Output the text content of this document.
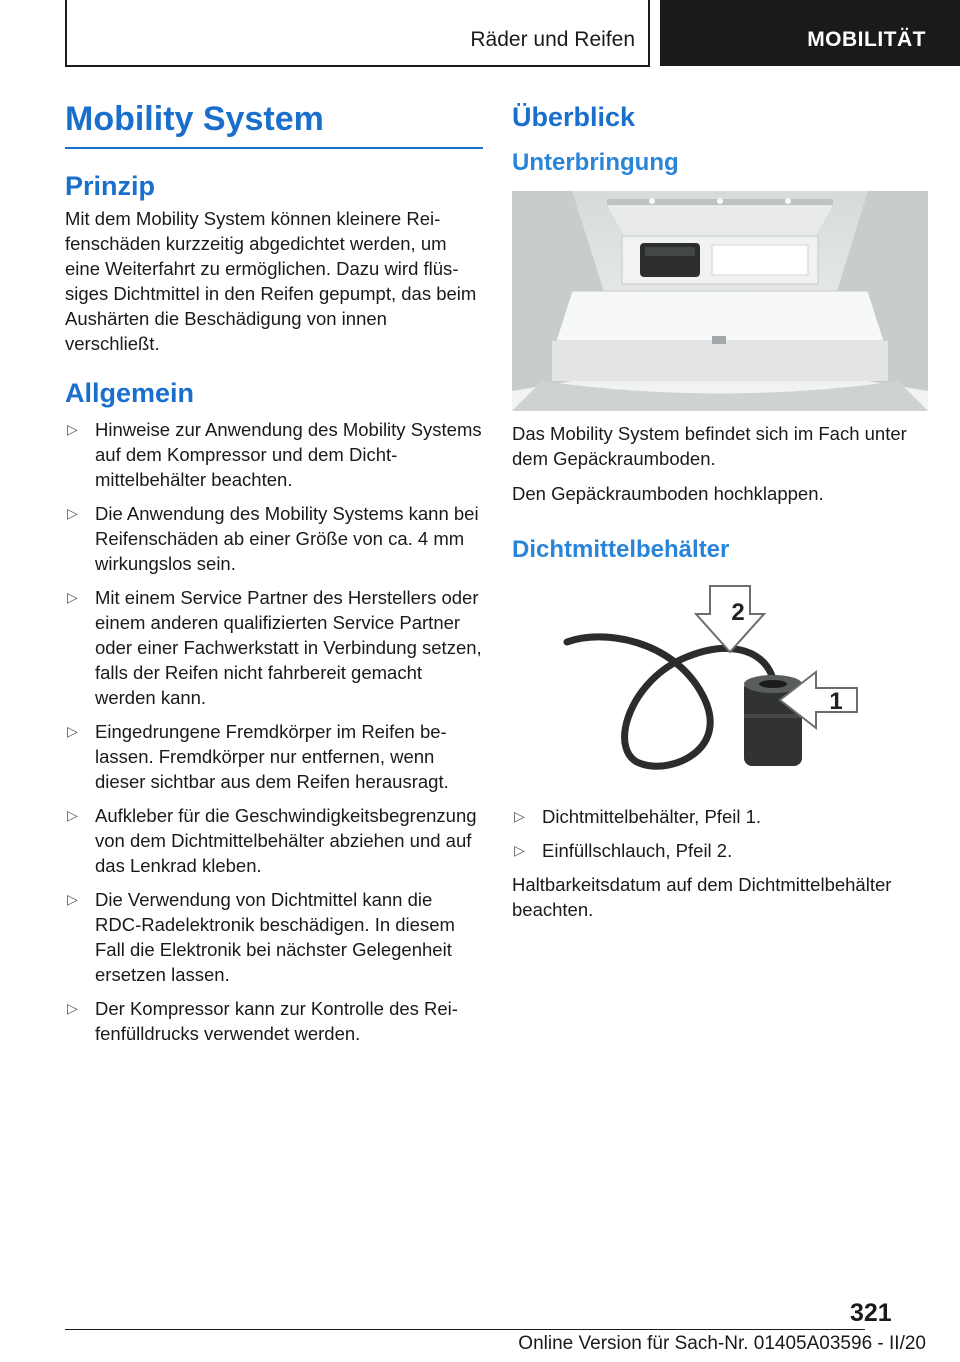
Räder und Reifen	MOBILITÄT
Mobility System
Prinzip

Mit dem Mobility System können kleinere Reifenschäden kurzzeitig abgedichtet werden, um eine Weiterfahrt zu ermöglichen. Dazu wird flüssiges Dichtmittel in den Reifen gepumpt, das beim Aushärten die Beschädigung von innen verschließt.

Allgemein
▷ Hinweise zur Anwendung des Mobility Systems auf dem Kompressor und dem Dichtmittelbehälter beachten.
▷ Die Anwendung des Mobility Systems kann bei Reifenschäden ab einer Größe von ca. 4 mm wirkungslos sein.
▷ Mit einem Service Partner des Herstellers oder einem anderen qualifizierten Service Partner oder einer Fachwerkstatt in Verbindung setzen, falls der Reifen nicht fahrbereit gemacht werden kann.
▷ Eingedrungene Fremdkörper im Reifen belassen. Fremdkörper nur entfernen, wenn dieser sichtbar aus dem Reifen herausragt.
▷ Aufkleber für die Geschwindigkeitsbegrenzung von dem Dichtmittelbehälter abziehen und auf das Lenkrad kleben.
▷ Die Verwendung von Dichtmittel kann die RDC-Radelektronik beschädigen. In diesem Fall die Elektronik bei nächster Gelegenheit ersetzen lassen.
▷ Der Kompressor kann zur Kontrolle des Reifenfülldrucks verwendet werden.
Überblick
Unterbringung

Das Mobility System befindet sich im Fach unter dem Gepäckraumboden.

Den Gepäckraumboden hochklappen.

Dichtmittelbehälter
2
1
▷ Dichtmittelbehälter, Pfeil 1.
▷ Einfüllschlauch, Pfeil 2.

Haltbarkeitsdatum auf dem Dichtmittelbehälter beachten.

321
Online Version für Sach-Nr. 01405A03596 - II/20
